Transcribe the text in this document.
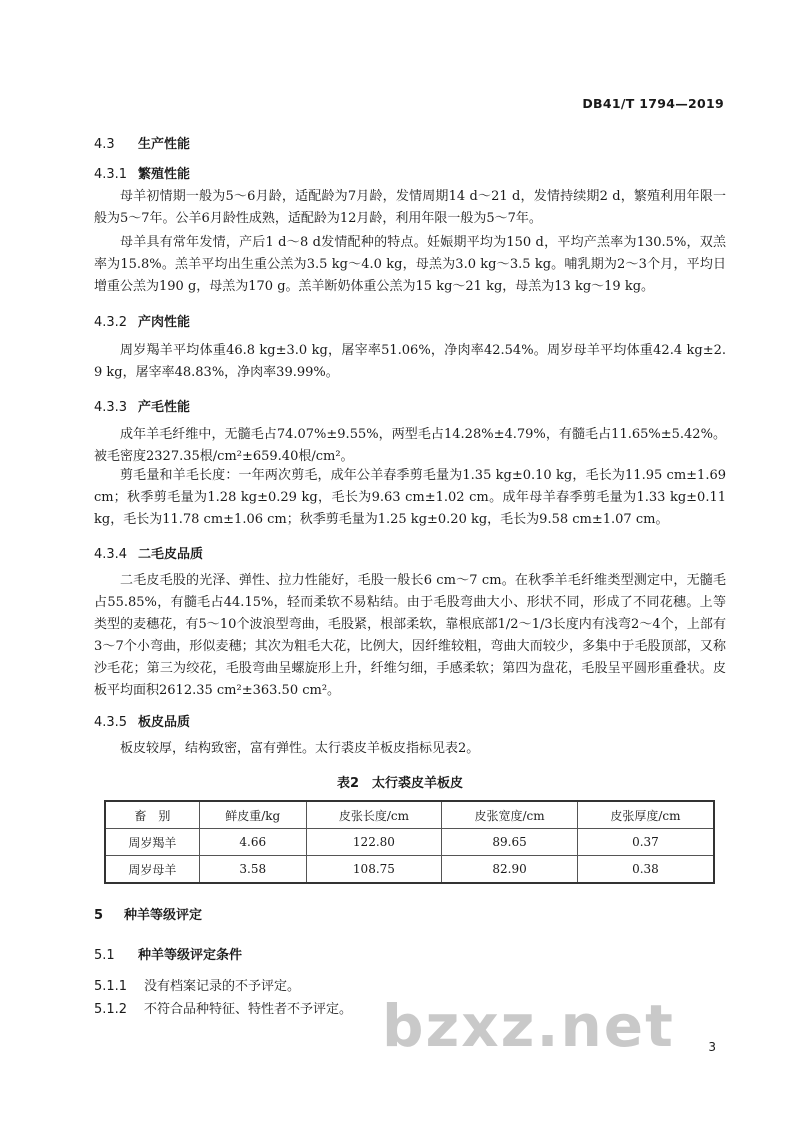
DB41/T 1794—2019
4.3 生产性能
4.3.1 繁殖性能

母羊初情期一般为5～6月龄，适配龄为7月龄，发情周期14 d～21 d，发情持续期2 d，繁殖利用年限一般为5～7年。公羊6月龄性成熟，适配龄为12月龄，利用年限一般为5～7年。

母羊具有常年发情，产后1 d～8 d发情配种的特点。妊娠期平均为150 d，平均产羔率为130.5%，双羔率为15.8%。羔羊平均出生重公羔为3.5 kg～4.0 kg，母羔为3.0 kg～3.5 kg。哺乳期为2～3个月，平均日增重公羔为190 g，母羔为170 g。羔羊断奶体重公羔为15 kg～21 kg，母羔为13 kg～19 kg。

4.3.2 产肉性能

周岁羯羊平均体重46.8 kg±3.0 kg，屠宰率51.06%，净肉率42.54%。周岁母羊平均体重42.4 kg±2.9 kg，屠宰率48.83%，净肉率39.99%。

4.3.3 产毛性能

成年羊毛纤维中，无髓毛占74.07%±9.55%，两型毛占14.28%±4.79%，有髓毛占11.65%±5.42%。被毛密度2327.35根/cm²±659.40根/cm²。

剪毛量和羊毛长度：一年两次剪毛，成年公羊春季剪毛量为1.35 kg±0.10 kg，毛长为11.95 cm±1.69 cm；秋季剪毛量为1.28 kg±0.29 kg，毛长为9.63 cm±1.02 cm。成年母羊春季剪毛量为1.33 kg±0.11 kg，毛长为11.78 cm±1.06 cm；秋季剪毛量为1.25 kg±0.20 kg，毛长为9.58 cm±1.07 cm。

4.3.4 二毛皮品质

二毛皮毛股的光泽、弹性、拉力性能好，毛股一般长6 cm～7 cm。在秋季羊毛纤维类型测定中，无髓毛占55.85%，有髓毛占44.15%，轻而柔软不易粘结。由于毛股弯曲大小、形状不同，形成了不同花穗。上等类型的麦穗花，有5～10个波浪型弯曲，毛股紧，根部柔软，靠根底部1/2～1/3长度内有浅弯2～4个，上部有3～7个小弯曲，形似麦穗；其次为粗毛大花，比例大，因纤维较粗，弯曲大而较少，多集中于毛股顶部，又称沙毛花；第三为绞花，毛股弯曲呈螺旋形上升，纤维匀细，手感柔软；第四为盘花，毛股呈平圆形重叠状。皮板平均面积2612.35 cm²±363.50 cm²。

4.3.5 板皮品质

板皮较厚，结构致密，富有弹性。太行裘皮羊板皮指标见表2。

表2　太行裘皮羊板皮
畜　别	鲜皮重/kg	皮张长度/cm	皮张宽度/cm	皮张厚度/cm
周岁羯羊	4.66	122.80	89.65	0.37
周岁母羊	3.58	108.75	82.90	0.38
5 种羊等级评定
5.1 种羊等级评定条件
5.1.1 没有档案记录的不予评定。
5.1.2 不符合品种特征、特性者不予评定。 bzxz.net	3
